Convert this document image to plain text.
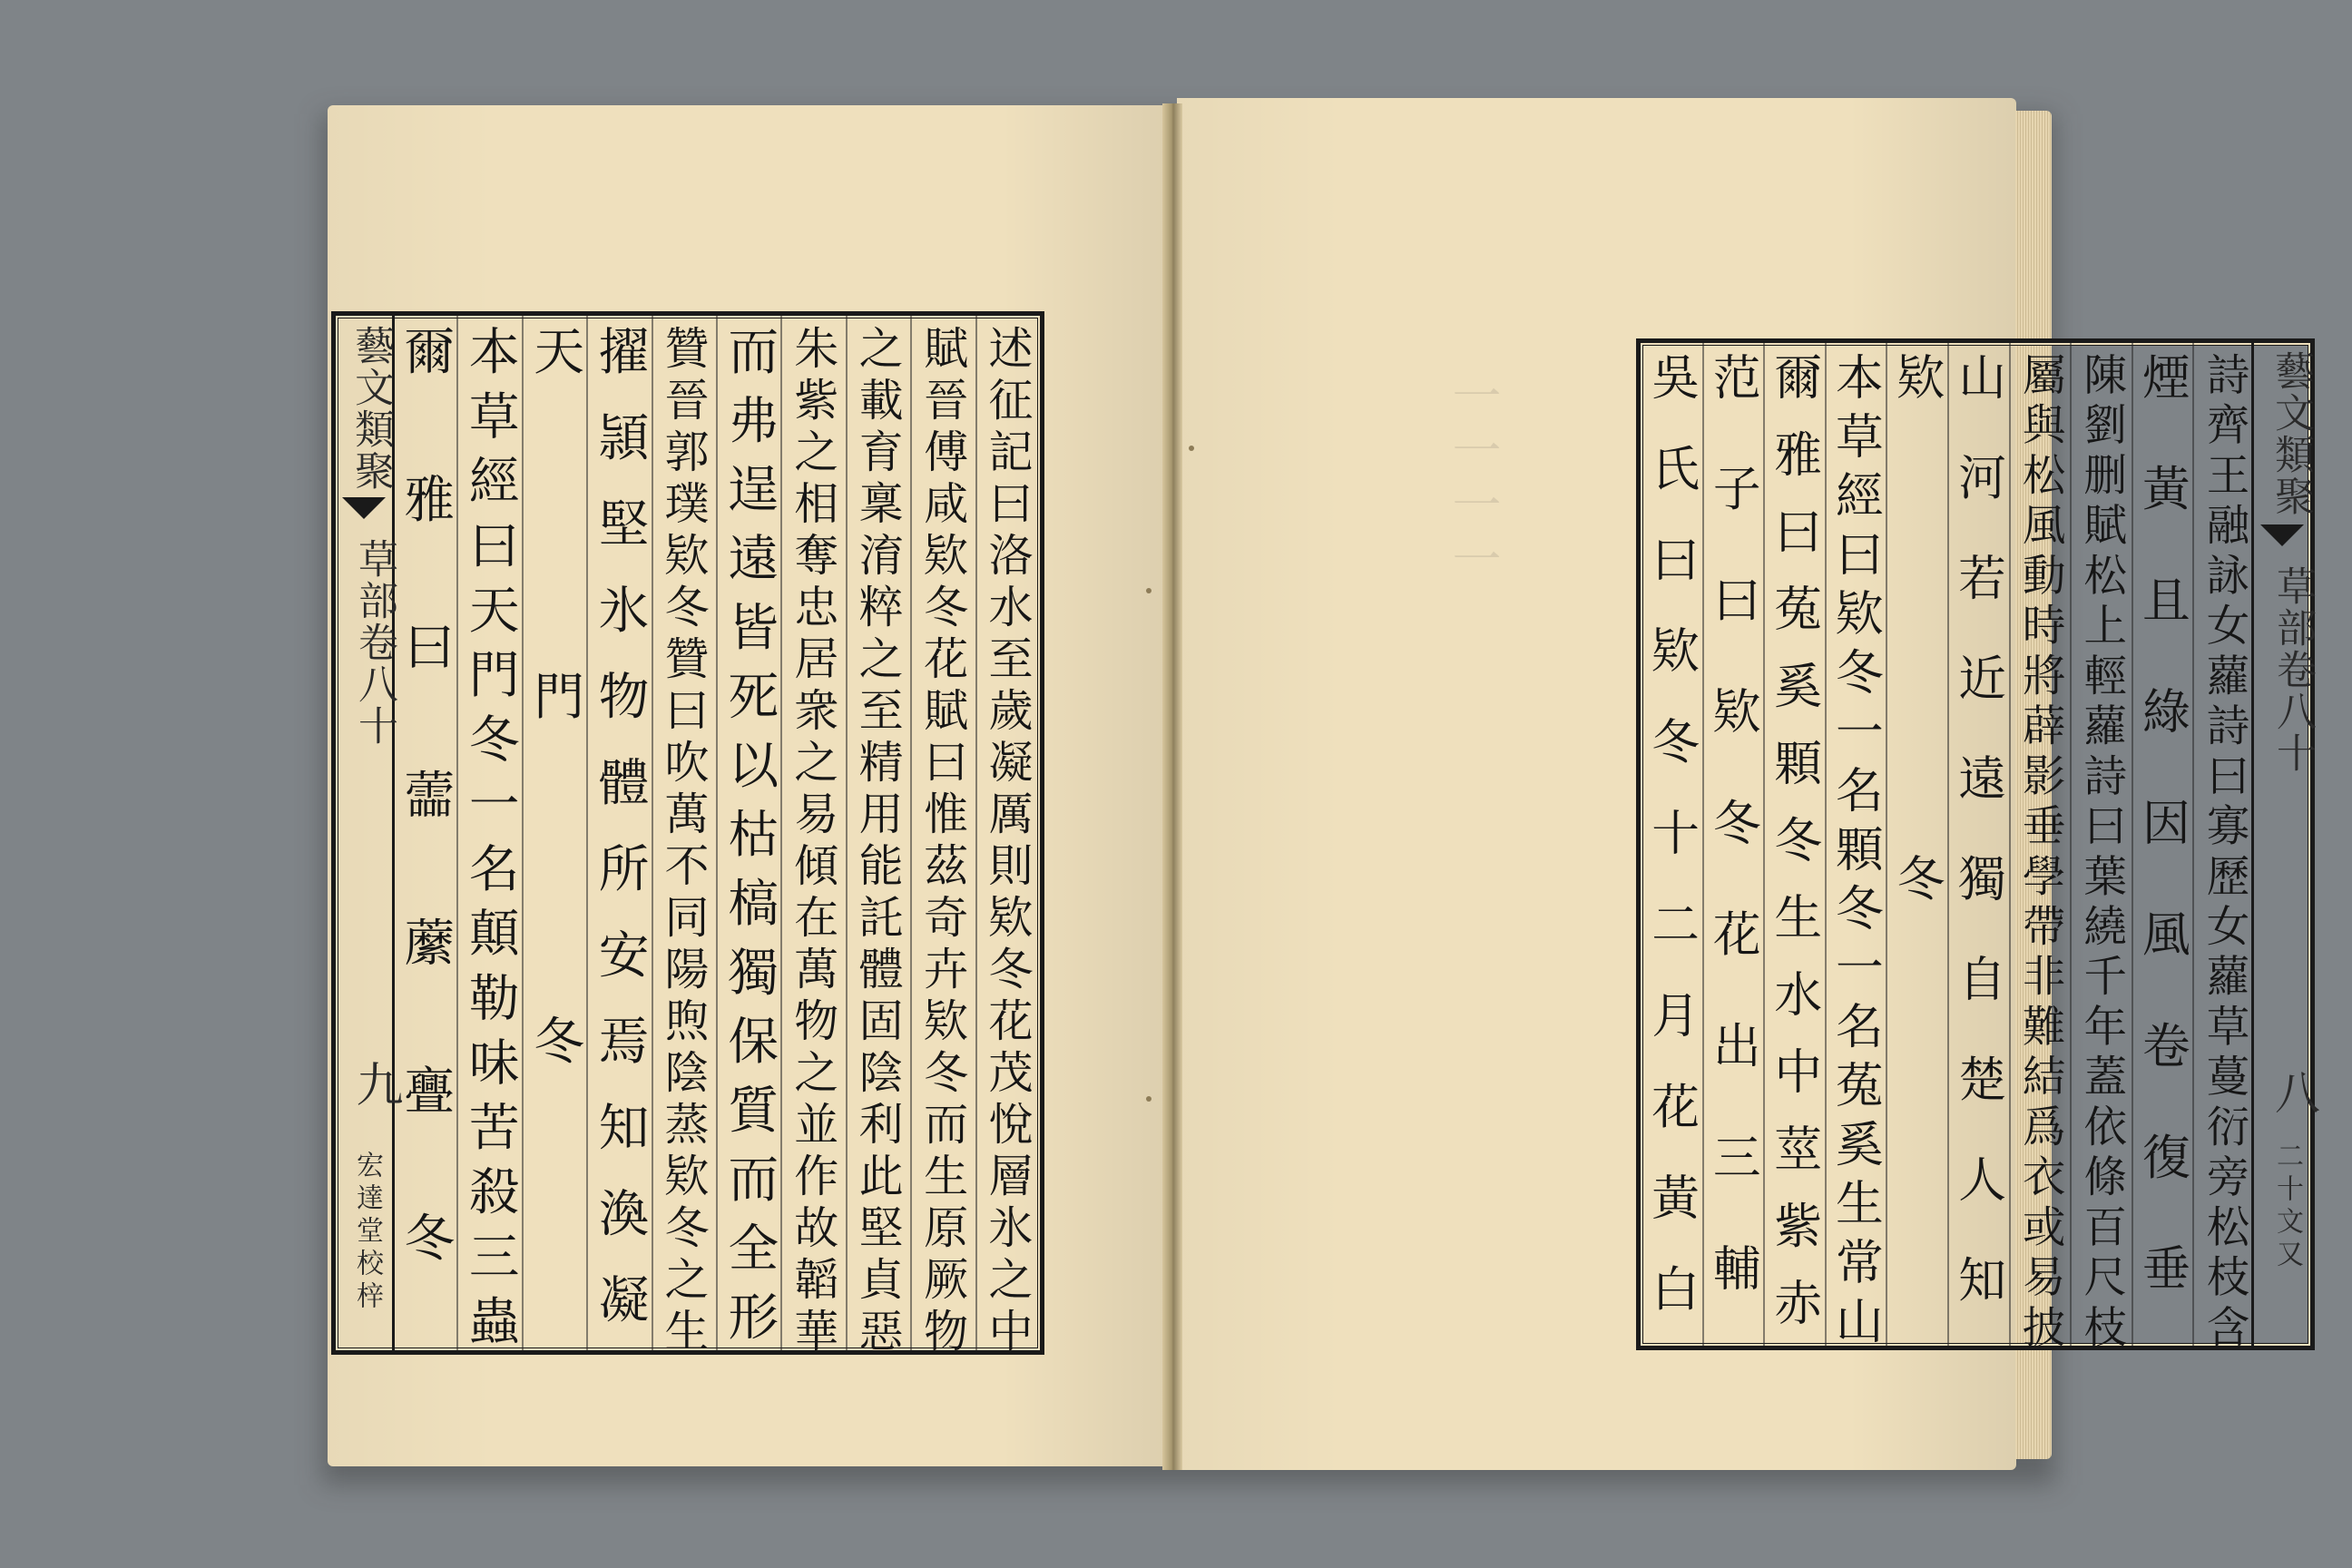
一一一一
藝文類聚
草部卷八十
九
宏達堂校梓	述征記曰洛水至歲凝厲則欵冬花茂悅層氷之中
賦晉傅咸欵冬花賦曰惟茲奇卉欵冬而生原厥物
之載育稟淯粹之至精用能託體固陰利此堅貞惡
朱紫之相奪忠居衆之易傾在萬物之並作故韜華
而弗逞遠皆死以枯槁獨保質而全形
贊晉郭璞欵冬贊曰吹萬不同陽煦陰蒸欵冬之生
擢頴堅氷物體所安焉知渙凝
天門冬
本草經曰天門冬一名顛勒味苦殺三蟲
爾雅曰蘦䕷亹冬	詩齊王融詠女蘿詩曰寡歷女蘿草蔓衍旁松枝含
煙黃且綠因風卷復垂
陳劉删賦松上輕蘿詩曰葉繞千年蓋依條百尺枝
屬與松風動時將薜影垂學帶非難結爲衣或易披
山河若近遠獨自楚人知
欵冬
本草經曰欵冬一名顆冬一名菟奚生常山
爾雅曰菟奚顆冬生水中莖紫赤
范子曰欵冬花出三輔
吳氏曰欵冬十二月花黃白	藝文類聚
草部卷八十
八
二十文又
